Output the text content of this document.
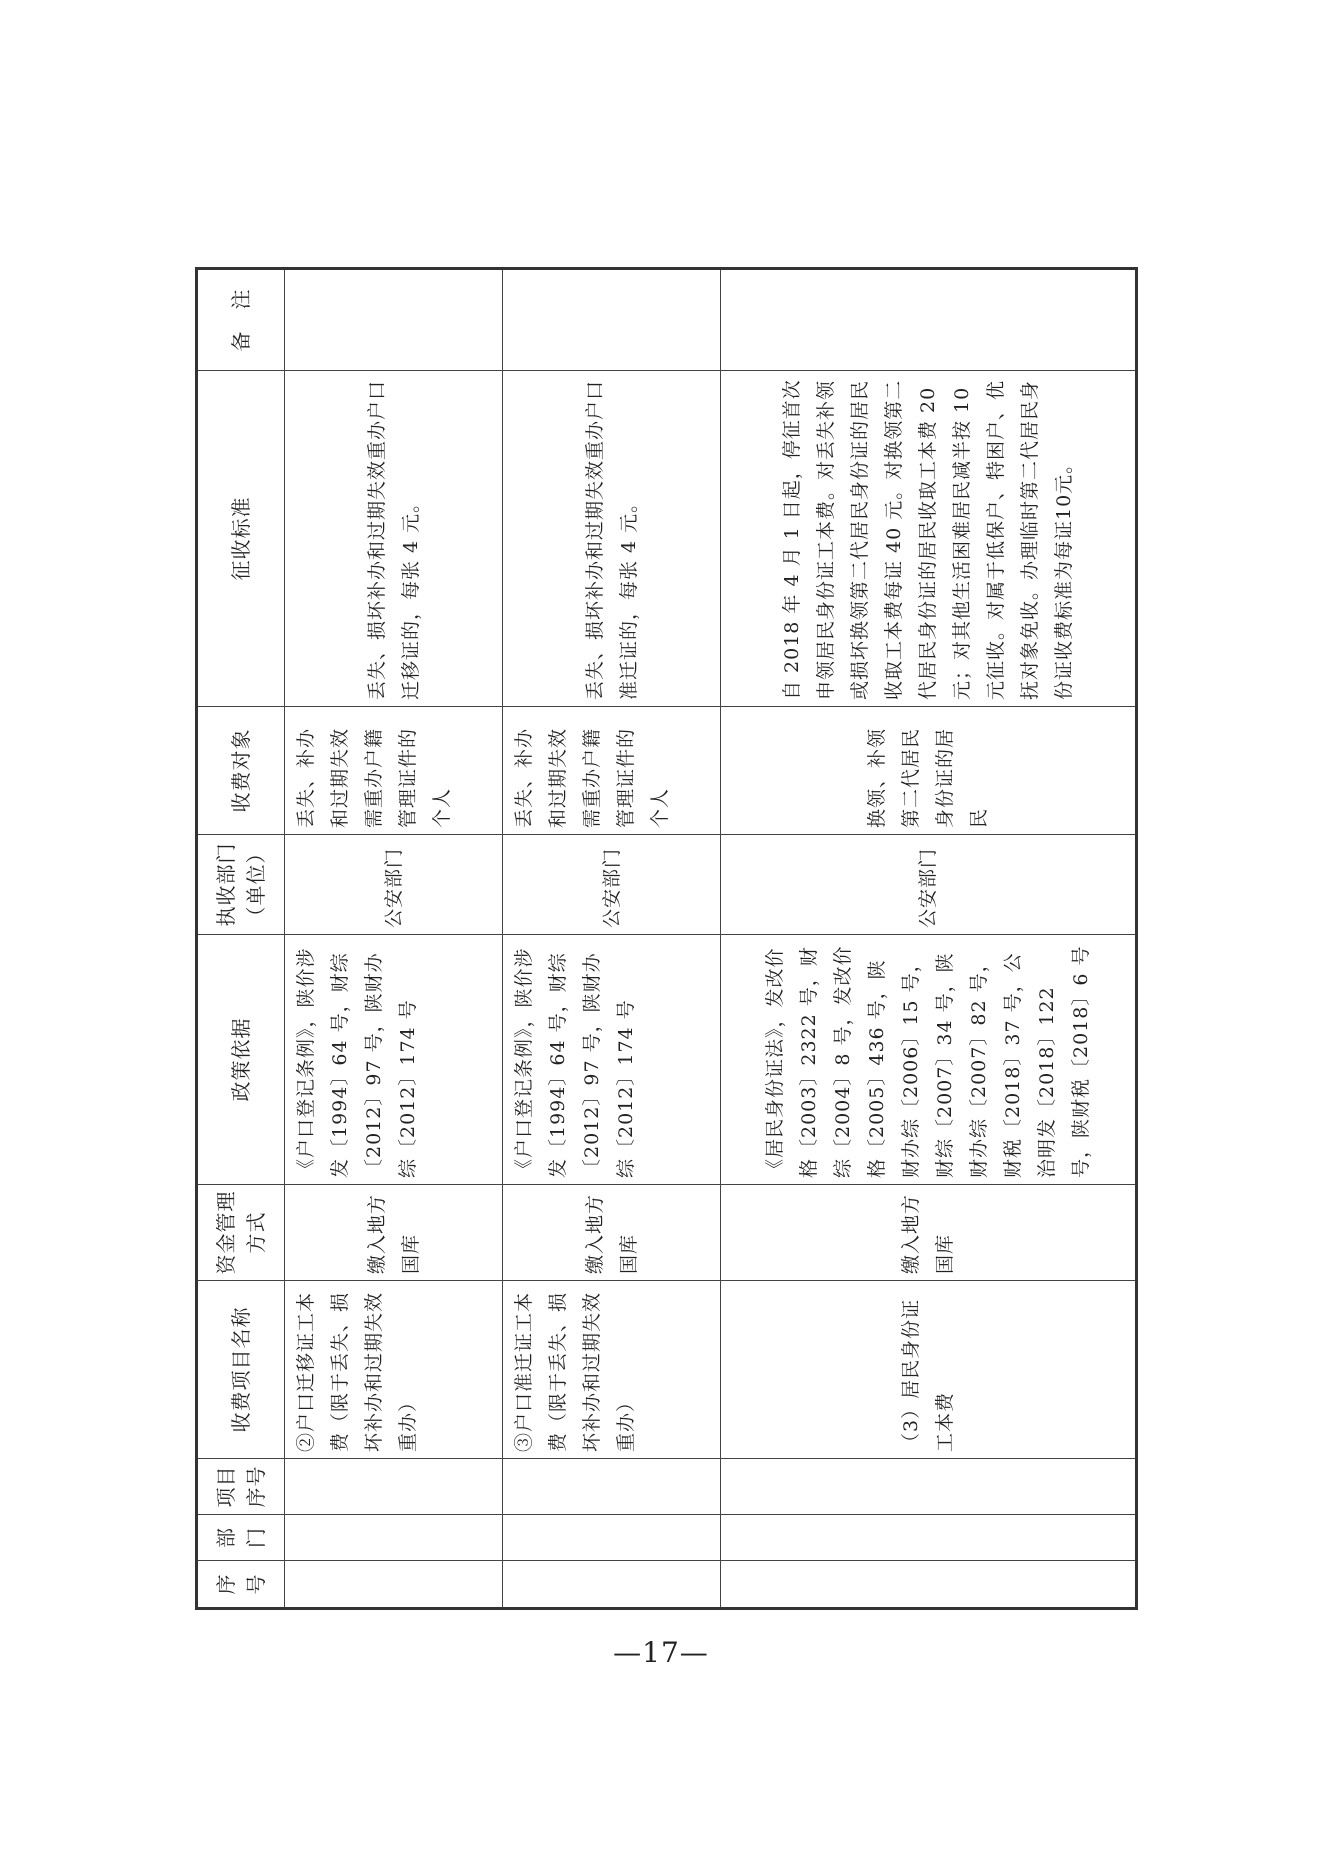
序号	部门	项目序号	收费项目名称	资金管理方式	政策依据	执收部门（单位）	收费对象	征收标准	备　注
			②户口迁移证工本费（限于丢失、损坏补办和过期失效重办）	缴入地方国库	《户口登记条例》，陕价涉发〔1994〕64 号，财综〔2012〕97 号，陕财办综〔2012〕174 号	公安部门	丢失、补办和过期失效需重办户籍管理证件的个人	丢失、损坏补办和过期失效重办户口迁移证的，每张 4 元。	
			③户口准迁证工本费（限于丢失、损坏补办和过期失效重办）	缴入地方国库	《户口登记条例》，陕价涉发〔1994〕64 号，财综〔2012〕97 号，陕财办综〔2012〕174 号	公安部门	丢失、补办和过期失效需重办户籍管理证件的个人	丢失、损坏补办和过期失效重办户口准迁证的，每张 4 元。	
			（3）居民身份证工本费	缴入地方国库	《居民身份证法》，发改价格〔2003〕2322 号，财综〔2004〕8 号，发改价格〔2005〕436 号，陕财办综〔2006〕15 号，财综〔2007〕34 号，陕财办综〔2007〕82 号，财税〔2018〕37 号，公治明发〔2018〕122 号，陕财税〔2018〕6 号	公安部门	换领、补领第二代居民身份证的居民	自 2018 年 4 月 1 日起，停征首次申领居民身份证工本费。对丢失补领或损坏换领第二代居民身份证的居民收取工本费每证 40 元。对换领第二代居民身份证的居民收取工本费 20 元；对其他生活困难居民减半按 10 元征收。对属于低保户、特困户、优抚对象免收。办理临时第二代居民身份证收费标准为每证10元。	
—17—
